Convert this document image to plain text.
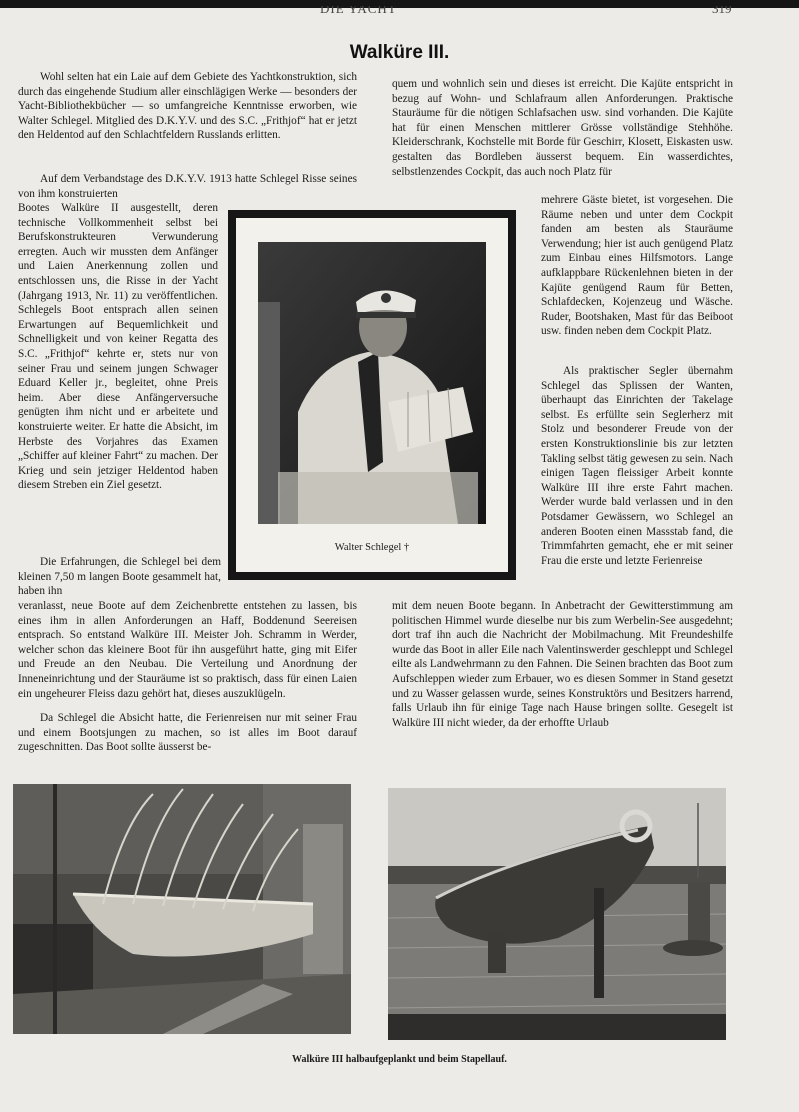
DIE YACHT	319
Walküre III.

Wohl selten hat ein Laie auf dem Gebiete des Yachtkonstruktion, sich durch das eingehende Studium aller einschlägigen Werke — besonders der Yacht-Bibliothekbücher — so umfangreiche Kenntnisse erworben, wie Walter Schlegel. Mitglied des D.K.Y.V. und des S.C. „Frithjof“ hat er jetzt den Heldentod auf den Schlachtfeldern Russlands erlitten.

Auf dem Verbandstage des D.K.Y.V. 1913 hatte Schlegel Risse seines von ihm konstruierten

Bootes Walküre II ausgestellt, deren technische Vollkommenheit selbst bei Berufskonstrukteuren Verwunderung erregten. Auch wir mussten dem Anfänger und Laien Anerkennung zollen und entschlossen uns, die Risse in der Yacht (Jahrgang 1913, Nr. 11) zu veröffentlichen. Schlegels Boot entsprach allen seinen Erwartungen auf Bequemlichkeit und Schnelligkeit und von keiner Regatta des S.C. „Frithjof“ kehrte er, stets nur von seiner Frau und seinem jungen Schwager Eduard Keller jr., begleitet, ohne Preis heim. Aber diese Anfängerversuche genügten ihm nicht und er arbeitete und konstruierte weiter. Er hatte die Absicht, im Herbste des Vorjahres das Examen „Schiffer auf kleiner Fahrt“ zu machen. Der Krieg und sein jetziger Heldentod haben diesem Streben ein Ziel gesetzt.

Die Erfahrungen, die Schlegel bei dem kleinen 7,50 m langen Boote gesammelt hat, haben ihn

veranlasst, neue Boote auf dem Zeichenbrette entstehen zu lassen, bis eines ihm in allen Anforderungen an Haff, Boddenund Seereisen entsprach. So entstand Walküre III. Meister Joh. Schramm in Werder, welcher schon das kleinere Boot für ihn ausgeführt hatte, ging mit Eifer und Freude an den Neubau. Die Verteilung und Anordnung der Inneneinrichtung und der Stauräume ist so praktisch, dass für einen Laien ein ungeheurer Fleiss dazu gehört hat, dieses auszuklügeln.

Da Schlegel die Absicht hatte, die Ferienreisen nur mit seiner Frau und einem Bootsjungen zu machen, so ist alles im Boot darauf zugeschnitten. Das Boot sollte äusserst be-

quem und wohnlich sein und dieses ist erreicht. Die Kajüte entspricht in bezug auf Wohn- und Schlafraum allen Anforderungen. Praktische Stauräume für die nötigen Schlafsachen usw. sind vorhanden. Die Kajüte hat für einen Menschen mittlerer Grösse vollständige Stehhöhe. Kleiderschrank, Kochstelle mit Borde für Geschirr, Klosett, Eiskasten usw. gestalten das Bordleben äusserst bequem. Ein wasserdichtes, selbstlenzendes Cockpit, das auch noch Platz für

mehrere Gäste bietet, ist vorgesehen. Die Räume neben und unter dem Cockpit fanden am besten als Stauräume Verwendung; hier ist auch genügend Platz zum Einbau eines Hilfsmotors. Lange aufklappbare Rückenlehnen bieten in der Kajüte genügend Raum für Betten, Schlafdecken, Kojenzeug und Wäsche. Ruder, Bootshaken, Mast für das Beiboot usw. finden neben dem Cockpit Platz.

Als praktischer Segler übernahm Schlegel das Splissen der Wanten, überhaupt das Einrichten der Takelage selbst. Es erfüllte sein Seglerherz mit Stolz und besonderer Freude von der ersten Konstruktionslinie bis zur letzten Takling selbst tätig gewesen zu sein. Nach einigen Tagen fleissiger Arbeit konnte Walküre III ihre erste Fahrt machen. Werder wurde bald verlassen und in den Potsdamer Gewässern, wo Schlegel an anderen Booten einen Massstab fand, die Trimmfahrten gemacht, ehe er mit seiner Frau die erste und letzte Ferienreise

mit dem neuen Boote begann. In Anbetracht der Gewitterstimmung am politischen Himmel wurde dieselbe nur bis zum Werbelin-See ausgedehnt; dort traf ihn auch die Nachricht der Mobilmachung. Mit Freundeshilfe wurde das Boot in aller Eile nach Valentinswerder geschleppt und Schlegel eilte als Landwehrmann zu den Fahnen. Die Seinen brachten das Boot zum Aufschleppen wieder zum Erbauer, wo es diesen Sommer in Stand gesetzt und zu Wasser gelassen wurde, seines Konstruktörs und Besitzers harrend, falls Urlaub ihn für einige Tage nach Hause bringen sollte. Gesegelt ist Walküre III nicht wieder, da der erhoffte Urlaub

Walter Schlegel †
Walküre III halbaufgeplankt und beim Stapellauf.
